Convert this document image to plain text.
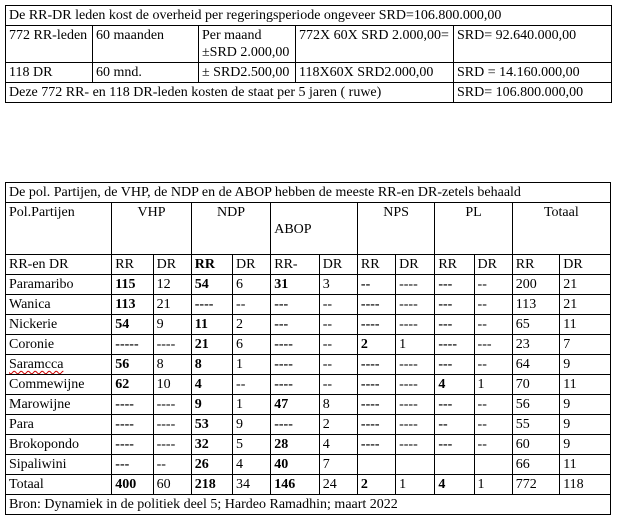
De RR-DR leden kost de overheid per regeringsperiode ongeveer SRD=106.800.000,00				
772 RR-leden	60 maanden	Per maand ±SRD 2.000,00	772X 60X SRD 2.000,00=	SRD= 92.640.000,00
118 DR	60 mnd.	± SRD2.500,00	118X60X SRD2.000,00	SRD = 14.160.000,00
Deze 772 RR- en 118 DR-leden kosten de staat per 5 jaren ( ruwe)				SRD= 106.800.000,00
De pol. Partijen, de VHP, de NDP en de ABOP hebben de meeste RR-en DR-zetels behaald												
Pol.Partijen	VHP		NDP		ABOP		NPS		PL		Totaal	
RR-en DR	RR	DR	RR	DR	RR-	DR	RR	DR	RR	DR	RR	DR
Paramaribo	115	12	54	6	31	3	--	----	---	--	200	21
Wanica	113	21	----	--	---	--	----	----	---	--	113	21
Nickerie	54	9	11	2	---	--	----	----	---	--	65	11
Coronie	-----	----	21	6	----	--	2	1	----	---	23	7
Saramcca	56	8	8	1	----	--	----	----	---	--	64	9
Commewijne	62	10	4	--	----	--	----	----	4	1	70	11
Marowijne	----	----	9	1	47	8	----	----	---	--	56	9
Para	----	----	53	9	----	2	----	----	--	--	55	9
Brokopondo	----	----	32	5	28	4	----	----	---	--	60	9
Sipaliwini	---	--	26	4	40	7					66	11
Totaal	400	60	218	34	146	24	2	1	4	1	772	118
Bron: Dynamiek in de politiek deel 5; Hardeo Ramadhin; maart 2022												
